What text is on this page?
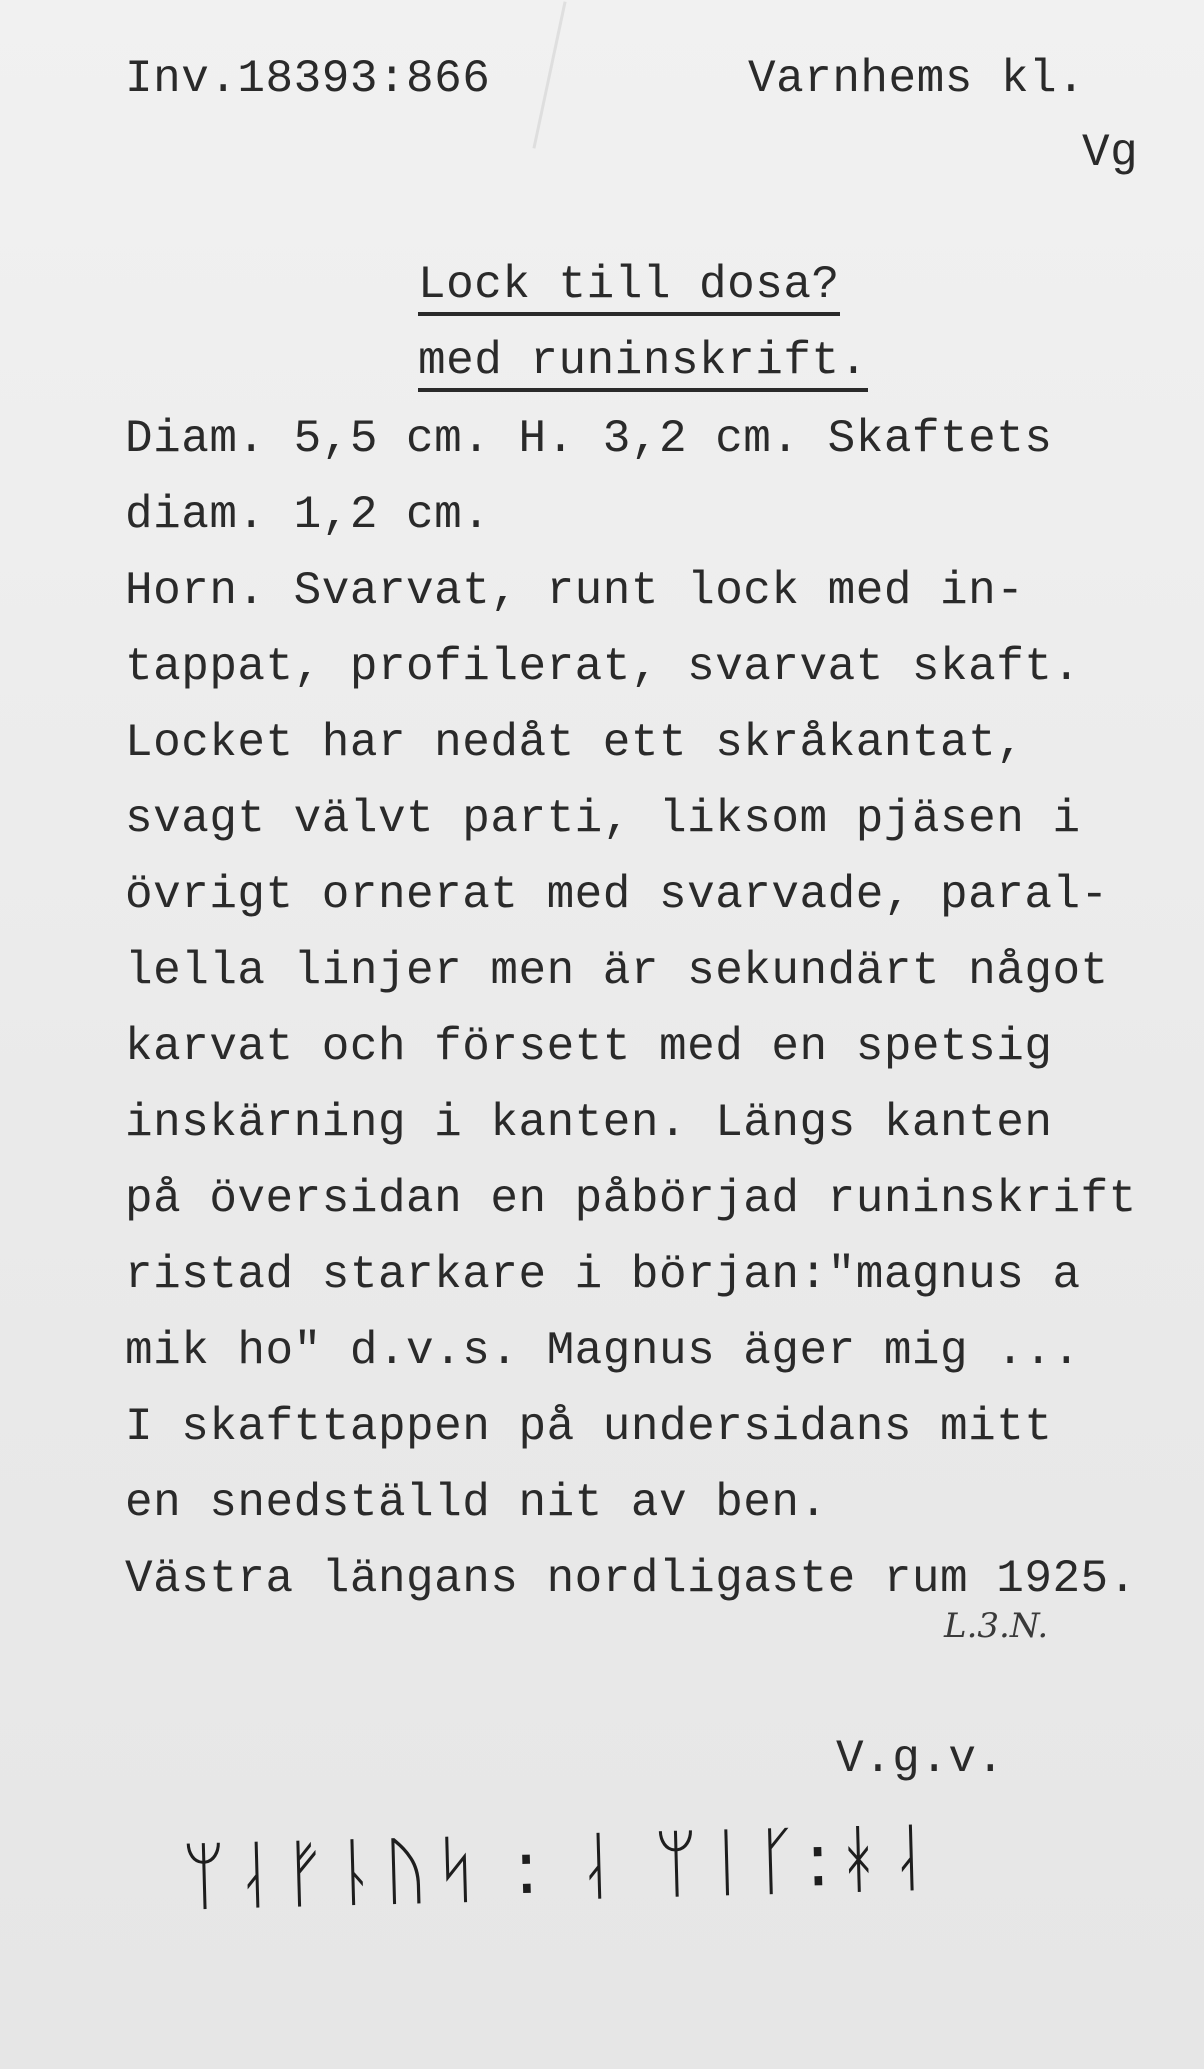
Inv.18393:866	Varnhems kl.
Vg
Lock till dosa?
med runinskrift.
Diam. 5,5 cm. H. 3,2 cm. Skaftets
diam. 1,2 cm.
Horn. Svarvat, runt lock med in-
tappat, profilerat, svarvat skaft.
Locket har nedåt ett skråkantat,
svagt välvt parti, liksom pjäsen i
övrigt ornerat med svarvade, paral-
lella linjer men är sekundärt något
karvat och försett med en spetsig
inskärning i kanten. Längs kanten
på översidan en påbörjad runinskrift
ristad starkare i början:"magnus a
mik ho" d.v.s. Magnus äger mig ...
I skafttappen på undersidans mitt
en snedställd nit av ben.
Västra längans nordligaste rum 1925.
L.3.N.
V.g.v.
ᛘᛆᚠᚿᚢᛋ : ᛆ ᛘᛁᚴ:ᚼᛆ
